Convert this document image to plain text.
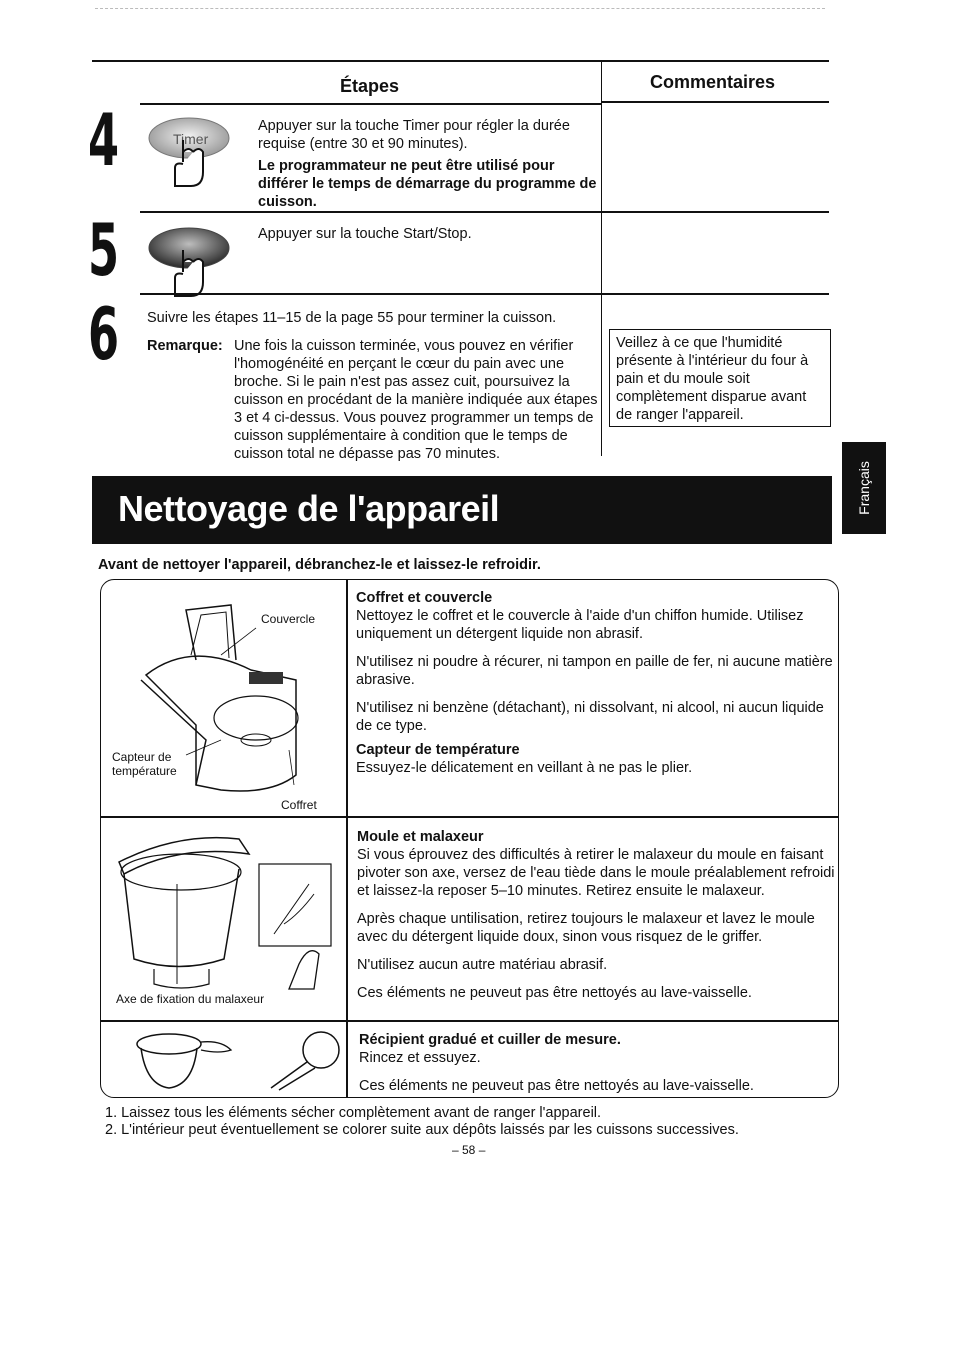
Étapes	Commentaires
4	Timer
Appuyer sur la touche Timer pour régler la durée requise (entre 30 et 90 minutes).
Le programmateur ne peut être utilisé pour différer le temps de démarrage du programme de cuisson.
5	Appuyer sur la touche Start/Stop.
6 Suivre les étapes 11–15 de la page 55 pour terminer la cuisson.
Remarque: Une fois la cuisson terminée, vous pouvez en vérifier l'homogénéité en perçant le cœur du pain avec une broche. Si le pain n'est pas assez cuit, poursuivez la cuisson en procédant de la manière indiquée aux étapes 3 et 4 ci-dessus. Vous pouvez programmer un temps de cuisson supplémentaire à condition que le temps de cuisson total ne dépasse pas 70 minutes.
Veillez à ce que l'humidité présente à l'intérieur du four à pain et du moule soit complètement disparue avant de ranger l'appareil.
Nettoyage de l'appareil	Français
Avant de nettoyer l'appareil, débranchez-le et laissez-le refroidir.
Couvercle
Capteur de température
Coffret

Coffret et couvercle

Nettoyez le coffret et le couvercle à l'aide d'un chiffon humide. Utilisez uniquement un détergent liquide non abrasif.

N'utilisez ni poudre à récurer, ni tampon en paille de fer, ni aucune matière abrasive.

N'utilisez ni benzène (détachant), ni dissolvant, ni alcool, ni aucun liquide de ce type.

Capteur de température

Essuyez-le délicatement en veillant à ne pas le plier.

Axe de fixation du malaxeur

Moule et malaxeur

Si vous éprouvez des difficultés à retirer le malaxeur du moule en faisant pivoter son axe, versez de l'eau tiède dans le moule préalablement refroidi et laissez-la reposer 5–10 minutes. Retirez ensuite le malaxeur.

Après chaque untilisation, retirez toujours le malaxeur et lavez le moule avec du détergent liquide doux, sinon vous risquez de le griffer.

N'utilisez aucun autre matériau abrasif.

Ces éléments ne peuveut pas être nettoyés au lave-vaisselle.

Récipient gradué et cuiller de mesure.

Rincez et essuyez.

Ces éléments ne peuveut pas être nettoyés au lave-vaisselle.

1. Laissez tous les éléments sécher complètement avant de ranger l'appareil.
2. L'intérieur peut éventuellement se colorer suite aux dépôts laissés par les cuissons successives.
– 58 –
